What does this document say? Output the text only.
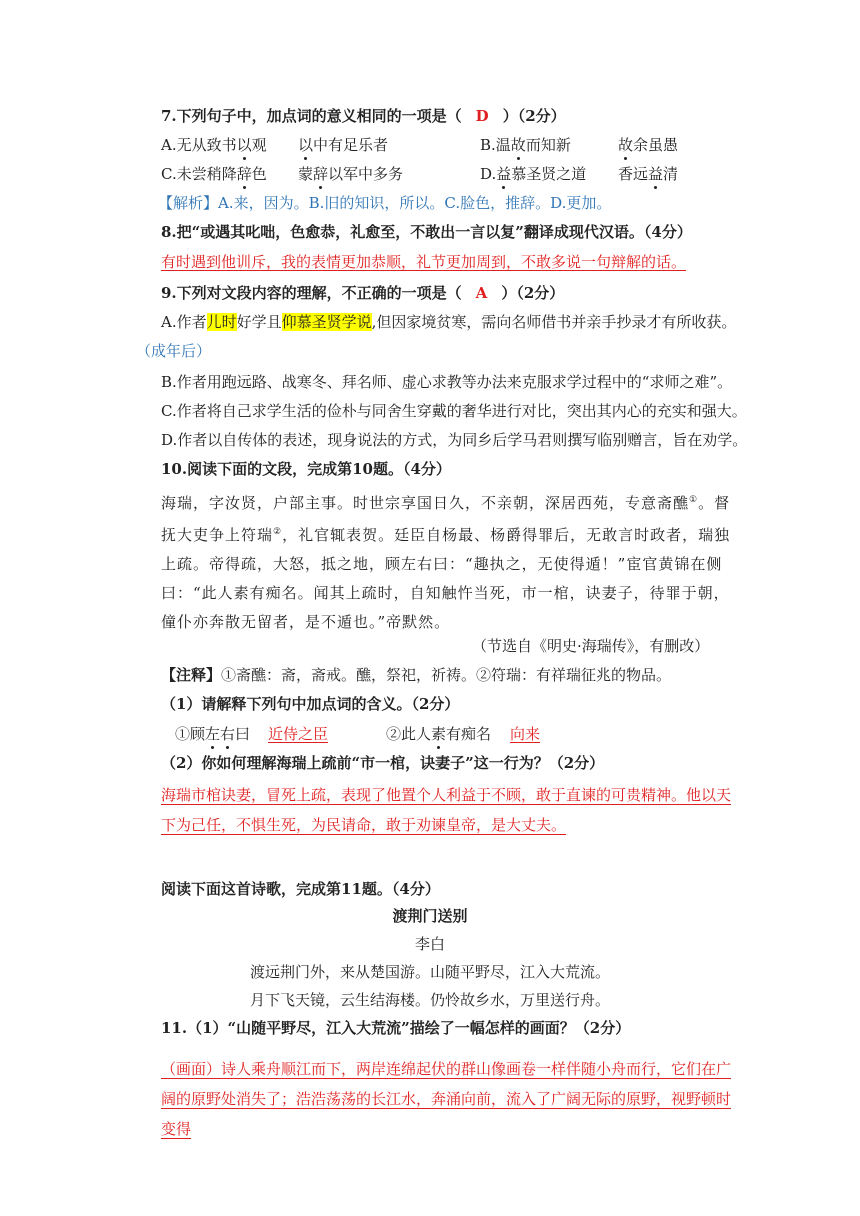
7.下列句子中，加点词的意义相同的一项是（ D ）（2分）
A.无从致书以观 以中有足乐者	B.温故而知新	故余虽愚
C.未尝稍降辞色 蒙辞以军中多务	D.益慕圣贤之道 香远益清
【解析】A.来，因为。B.旧的知识，所以。C.脸色，推辞。D.更加。
8.把“或遇其叱咄，色愈恭，礼愈至，不敢出一言以复”翻译成现代汉语。（4分）
有时遇到他训斥，我的表情更加恭顺，礼节更加周到，不敢多说一句辩解的话。
9.下列对文段内容的理解，不正确的一项是（ A ）（2分）
A.作者儿时好学且仰慕圣贤学说,但因家境贫寒，需向名师借书并亲手抄录才有所收获。
（成年后）
B.作者用跑远路、战寒冬、拜名师、虚心求教等办法来克服求学过程中的“求师之难”。
C.作者将自己求学生活的俭朴与同舍生穿戴的奢华进行对比，突出其内心的充实和强大。
D.作者以自传体的表述，现身说法的方式，为同乡后学马君则撰写临别赠言，旨在劝学。
10.阅读下面的文段，完成第10题。（4分）
海瑞，字汝贤，户部主事。时世宗享国日久，不亲朝，深居西苑，专意斋醮①。督抚大吏争上符瑞②，礼官辄表贺。廷臣自杨最、杨爵得罪后，无敢言时政者，瑞独上疏。帝得疏，大怒，抵之地，顾左右曰：“趣执之，无使得遁！”宦官黄锦在侧曰：“此人素有痴名。闻其上疏时，自知触忤当死，市一棺，诀妻子，待罪于朝，僮仆亦奔散无留者，是不遁也。”帝默然。
（节选自《明史·海瑞传》，有删改）
【注释】①斋醮：斋，斋戒。醮，祭祀，祈祷。②符瑞：有祥瑞征兆的物品。
（1）请解释下列句中加点词的含义。（2分）
①顾左右曰 近侍之臣	②此人素有痴名 向来
（2）你如何理解海瑞上疏前“市一棺，诀妻子”这一行为？（2分）
海瑞市棺诀妻，冒死上疏，表现了他置个人利益于不顾，敢于直谏的可贵精神。他以天下为己任，不惧生死，为民请命，敢于劝谏皇帝，是大丈夫。
阅读下面这首诗歌，完成第11题。（4分）
渡荆门送别
李白
渡远荆门外，来从楚国游。山随平野尽，江入大荒流。
月下飞天镜，云生结海楼。仍怜故乡水，万里送行舟。
11.（1）“山随平野尽，江入大荒流”描绘了一幅怎样的画面？（2分）
（画面）诗人乘舟顺江而下，两岸连绵起伏的群山像画卷一样伴随小舟而行，它们在广阔的原野处消失了；浩浩荡荡的长江水，奔涌向前，流入了广阔无际的原野，视野顿时变得
